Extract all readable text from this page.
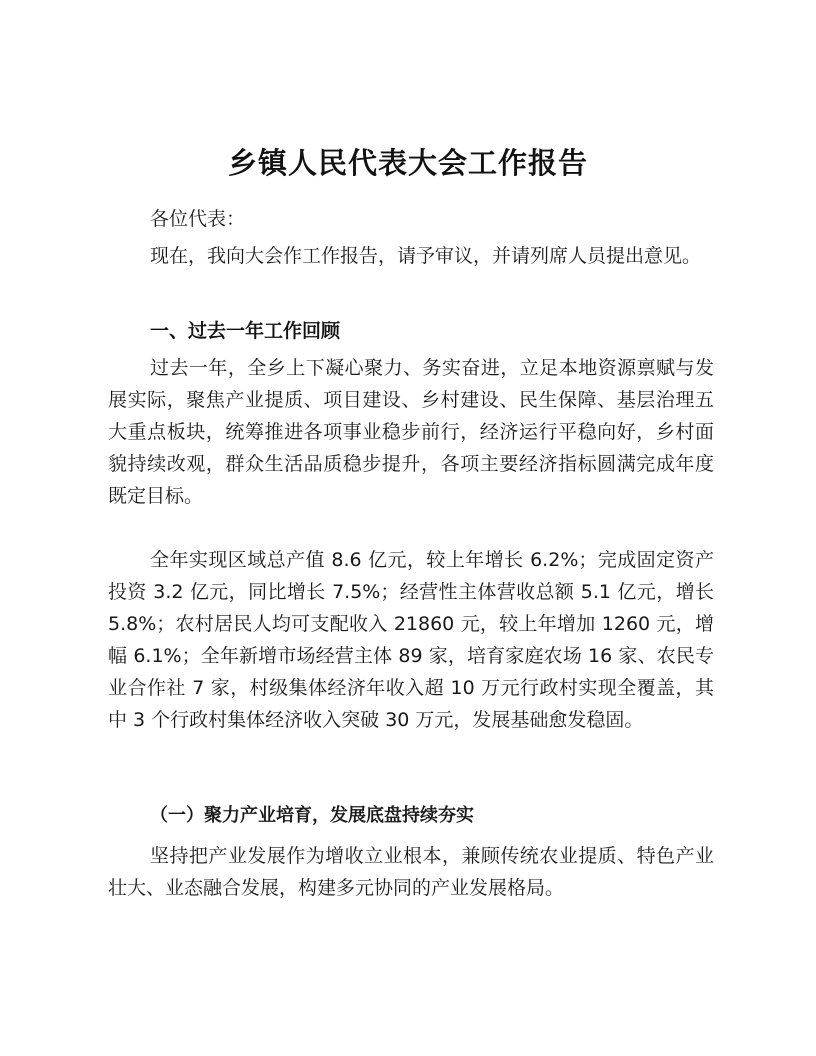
乡镇人民代表大会工作报告
各位代表：
现在，我向大会作工作报告，请予审议，并请列席人员提出意见。
一、过去一年工作回顾
过去一年，全乡上下凝心聚力、务实奋进，立足本地资源禀赋与发展实际，聚焦产业提质、项目建设、乡村建设、民生保障、基层治理五大重点板块，统筹推进各项事业稳步前行，经济运行平稳向好，乡村面貌持续改观，群众生活品质稳步提升，各项主要经济指标圆满完成年度既定目标。
全年实现区域总产值 8.6 亿元，较上年增长 6.2%；完成固定资产投资 3.2 亿元，同比增长 7.5%；经营性主体营收总额 5.1 亿元，增长 5.8%；农村居民人均可支配收入 21860 元，较上年增加 1260 元，增幅 6.1%；全年新增市场经营主体 89 家，培育家庭农场 16 家、农民专业合作社 7 家，村级集体经济年收入超 10 万元行政村实现全覆盖，其中 3 个行政村集体经济收入突破 30 万元，发展基础愈发稳固。
（一）聚力产业培育，发展底盘持续夯实
坚持把产业发展作为增收立业根本，兼顾传统农业提质、特色产业壮大、业态融合发展，构建多元协同的产业发展格局。
